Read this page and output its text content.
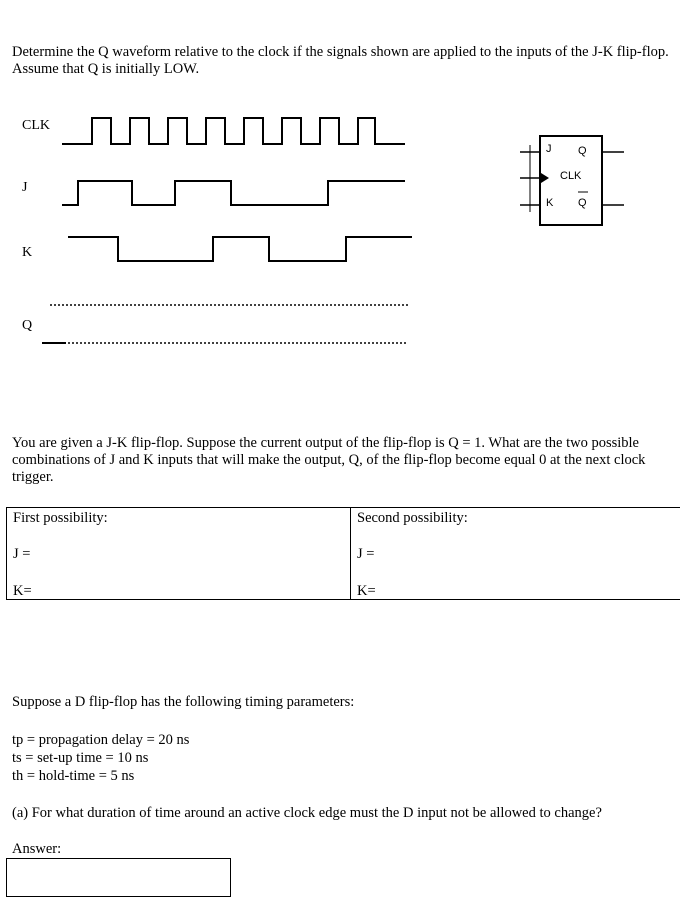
Determine the Q waveform relative to the clock if the signals shown are applied to the inputs of the J-K flip-flop. Assume that Q is initially LOW.

CLK
J
K
Q
J Q
CLK
K Q

You are given a J-K flip-flop. Suppose the current output of the flip-flop is Q = 1. What are the two possible combinations of J and K inputs that will make the output, Q, of the flip-flop become equal 0 at the next clock trigger.

First possibility:	Second possibility:
J =	J =
K=	K=

Suppose a D flip-flop has the following timing parameters:

tp = propagation delay = 20 ns

ts = set-up time = 10 ns

th = hold-time = 5 ns

(a) For what duration of time around an active clock edge must the D input not be allowed to change?

Answer:
